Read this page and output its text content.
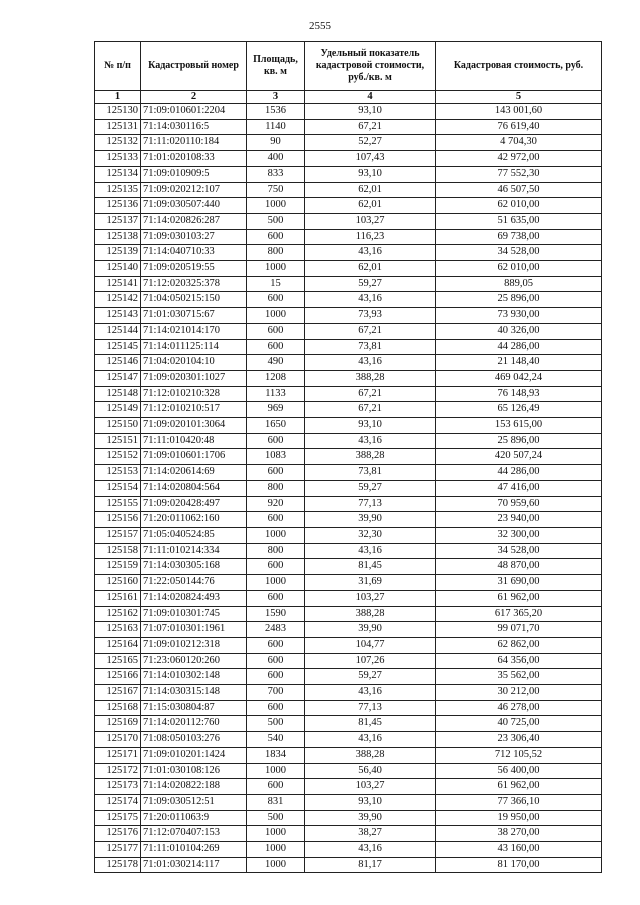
2555
№ п/п	Кадастровый номер	Площадь, кв. м	Удельный показатель кадастровой стоимости, руб./кв. м	Кадастровая стоимость, руб.
1	2	3	4	5
125130	71:09:010601:2204	1536	93,10	143 001,60
125131	71:14:030116:5	1140	67,21	76 619,40
125132	71:11:020110:184	90	52,27	4 704,30
125133	71:01:020108:33	400	107,43	42 972,00
125134	71:09:010909:5	833	93,10	77 552,30
125135	71:09:020212:107	750	62,01	46 507,50
125136	71:09:030507:440	1000	62,01	62 010,00
125137	71:14:020826:287	500	103,27	51 635,00
125138	71:09:030103:27	600	116,23	69 738,00
125139	71:14:040710:33	800	43,16	34 528,00
125140	71:09:020519:55	1000	62,01	62 010,00
125141	71:12:020325:378	15	59,27	889,05
125142	71:04:050215:150	600	43,16	25 896,00
125143	71:01:030715:67	1000	73,93	73 930,00
125144	71:14:021014:170	600	67,21	40 326,00
125145	71:14:011125:114	600	73,81	44 286,00
125146	71:04:020104:10	490	43,16	21 148,40
125147	71:09:020301:1027	1208	388,28	469 042,24
125148	71:12:010210:328	1133	67,21	76 148,93
125149	71:12:010210:517	969	67,21	65 126,49
125150	71:09:020101:3064	1650	93,10	153 615,00
125151	71:11:010420:48	600	43,16	25 896,00
125152	71:09:010601:1706	1083	388,28	420 507,24
125153	71:14:020614:69	600	73,81	44 286,00
125154	71:14:020804:564	800	59,27	47 416,00
125155	71:09:020428:497	920	77,13	70 959,60
125156	71:20:011062:160	600	39,90	23 940,00
125157	71:05:040524:85	1000	32,30	32 300,00
125158	71:11:010214:334	800	43,16	34 528,00
125159	71:14:030305:168	600	81,45	48 870,00
125160	71:22:050144:76	1000	31,69	31 690,00
125161	71:14:020824:493	600	103,27	61 962,00
125162	71:09:010301:745	1590	388,28	617 365,20
125163	71:07:010301:1961	2483	39,90	99 071,70
125164	71:09:010212:318	600	104,77	62 862,00
125165	71:23:060120:260	600	107,26	64 356,00
125166	71:14:010302:148	600	59,27	35 562,00
125167	71:14:030315:148	700	43,16	30 212,00
125168	71:15:030804:87	600	77,13	46 278,00
125169	71:14:020112:760	500	81,45	40 725,00
125170	71:08:050103:276	540	43,16	23 306,40
125171	71:09:010201:1424	1834	388,28	712 105,52
125172	71:01:030108:126	1000	56,40	56 400,00
125173	71:14:020822:188	600	103,27	61 962,00
125174	71:09:030512:51	831	93,10	77 366,10
125175	71:20:011063:9	500	39,90	19 950,00
125176	71:12:070407:153	1000	38,27	38 270,00
125177	71:11:010104:269	1000	43,16	43 160,00
125178	71:01:030214:117	1000	81,17	81 170,00
